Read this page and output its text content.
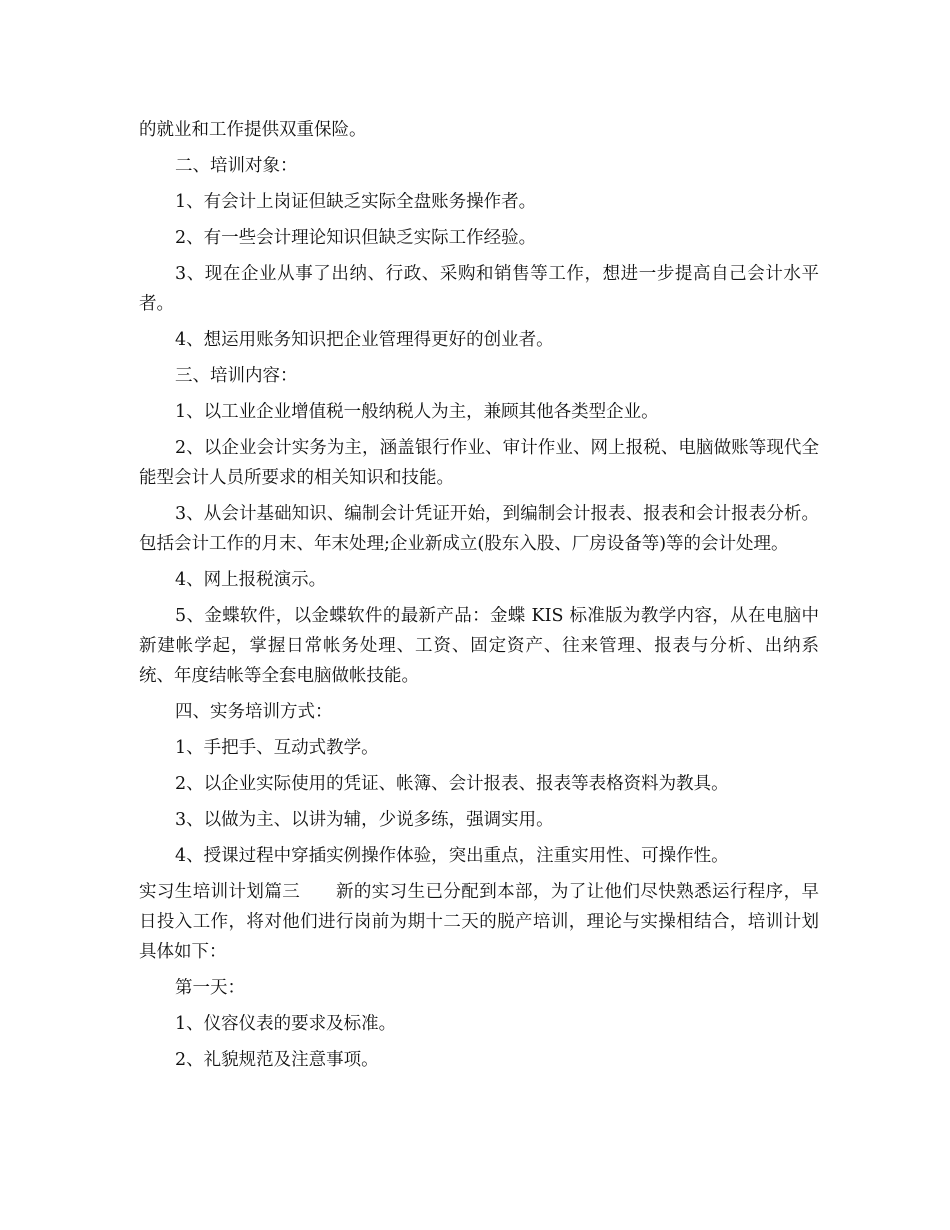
的就业和工作提供双重保险。

二、培训对象：

1、有会计上岗证但缺乏实际全盘账务操作者。

2、有一些会计理论知识但缺乏实际工作经验。

3、现在企业从事了出纳、行政、采购和销售等工作，想进一步提高自己会计水平者。

4、想运用账务知识把企业管理得更好的创业者。

三、培训内容：

1、以工业企业增值税一般纳税人为主，兼顾其他各类型企业。

2、以企业会计实务为主，涵盖银行作业、审计作业、网上报税、电脑做账等现代全能型会计人员所要求的相关知识和技能。

3、从会计基础知识、编制会计凭证开始，到编制会计报表、报表和会计报表分析。包括会计工作的月末、年末处理;企业新成立(股东入股、厂房设备等)等的会计处理。

4、网上报税演示。

5、金蝶软件，以金蝶软件的最新产品：金蝶 KIS 标准版为教学内容，从在电脑中新建帐学起，掌握日常帐务处理、工资、固定资产、往来管理、报表与分析、出纳系统、年度结帐等全套电脑做帐技能。

四、实务培训方式：

1、手把手、互动式教学。

2、以企业实际使用的凭证、帐簿、会计报表、报表等表格资料为教具。

3、以做为主、以讲为辅，少说多练，强调实用。

4、授课过程中穿插实例操作体验，突出重点，注重实用性、可操作性。

实习生培训计划篇三　　新的实习生已分配到本部，为了让他们尽快熟悉运行程序，早日投入工作，将对他们进行岗前为期十二天的脱产培训，理论与实操相结合，培训计划具体如下：

第一天：

1、仪容仪表的要求及标准。

2、礼貌规范及注意事项。
